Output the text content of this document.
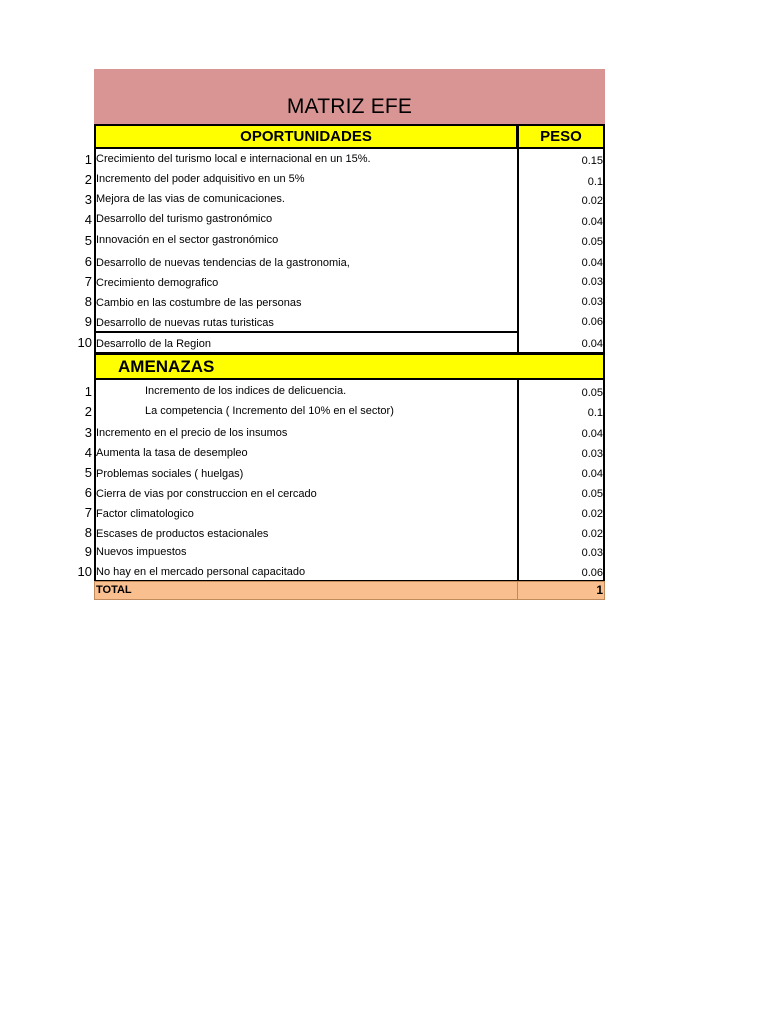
MATRIZ EFE
OPORTUNIDADES	PESO
1 Crecimiento del turismo local e internacional en un 15%.	0.15
2 Incremento del poder adquisitivo en un 5%	0.1
3 Mejora de las vias de comunicaciones.	0.02
4 Desarrollo del turismo gastronómico	0.04
5 Innovación en el sector gastronómico	0.05
6 Desarrollo de nuevas tendencias de la gastronomia,	0.04
7 Crecimiento demografico	0.03
8 Cambio en las costumbre de las personas	0.03
9 Desarrollo de nuevas rutas turisticas	0.06
10 Desarrollo de la Region	0.04
AMENAZAS
1	Incremento de los indices de delicuencia.	0.05
2	La competencia ( Incremento del 10% en el sector)	0.1
3 Incremento en el precio de los insumos	0.04
4 Aumenta la tasa de desempleo	0.03
5 Problemas sociales ( huelgas)	0.04
6 Cierra de vias por construccion en el cercado	0.05
7 Factor climatologico	0.02
8 Escases de productos estacionales	0.02
9 Nuevos impuestos	0.03
10 No hay en el mercado personal capacitado	0.06
TOTAL	1
